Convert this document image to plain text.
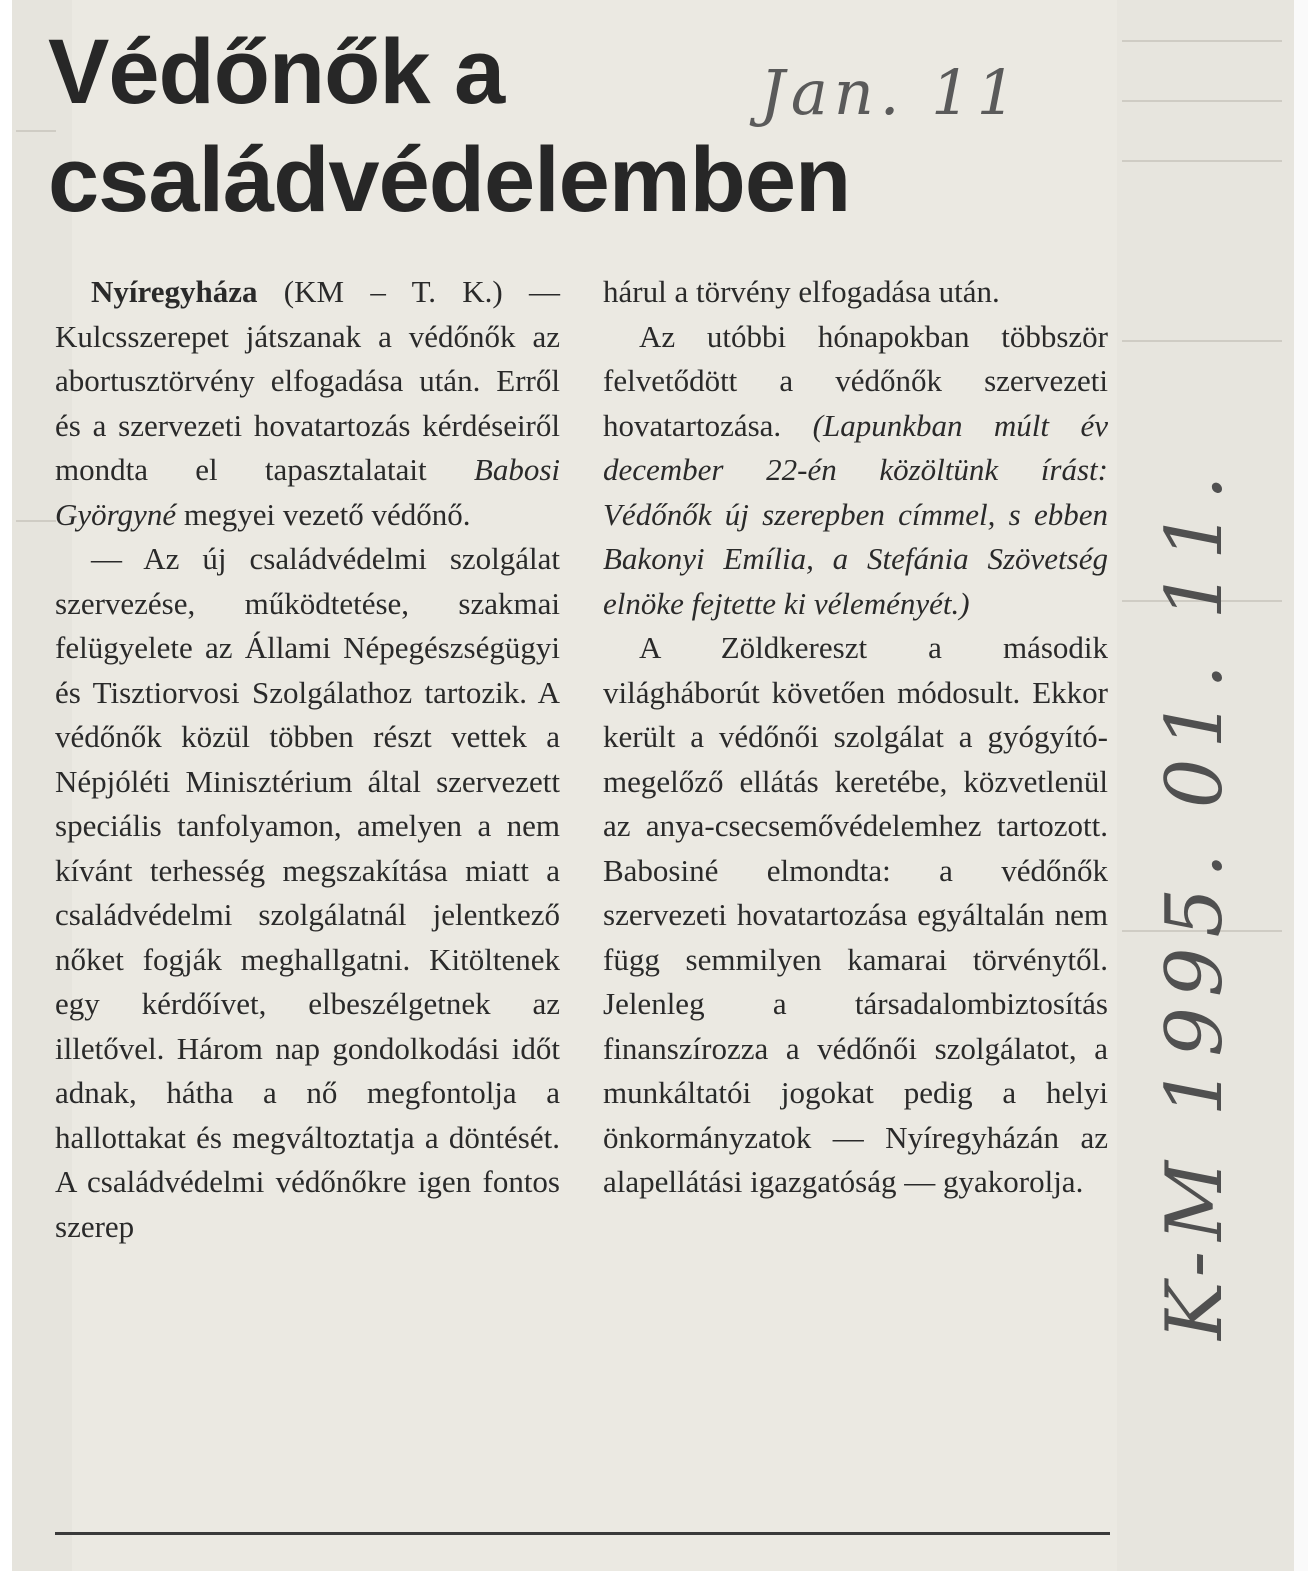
Védőnők a
családvédelemben
Jan. 11
K-M 1995. 01. 11.

Nyíregyháza (KM – T. K.) — Kulcsszerepet játszanak a védőnők az abortusztörvény elfogadása után. Erről és a szervezeti hovatartozás kérdéseiről mondta el tapasztalatait Babosi Györgyné megyei vezető védőnő.

— Az új családvédelmi szolgálat szervezése, működtetése, szakmai felügyelete az Állami Népegészségügyi és Tisztiorvosi Szolgálathoz tartozik. A védőnők közül többen részt vettek a Népjóléti Minisztérium által szervezett speciális tanfolyamon, amelyen a nem kívánt terhesség megszakítása miatt a családvédelmi szolgálatnál jelentkező nőket fogják meghallgatni. Kitöltenek egy kérdőívet, elbeszélgetnek az illetővel. Három nap gondolkodási időt adnak, hátha a nő megfontolja a hallottakat és megváltoztatja a döntését. A családvédelmi védőnőkre igen fontos szerep

hárul a törvény elfogadása után.

Az utóbbi hónapokban többször felvetődött a védőnők szervezeti hovatartozása. (Lapunkban múlt év december 22-én közöltünk írást: Védőnők új szerepben címmel, s ebben Bakonyi Emília, a Stefánia Szövetség elnöke fejtette ki véleményét.)

A Zöldkereszt a második világháborút követően módosult. Ekkor került a védőnői szolgálat a gyógyító-megelőző ellátás keretébe, közvetlenül az anya-csecsemővédelemhez tartozott. Babosiné elmondta: a védőnők szervezeti hovatartozása egyáltalán nem függ semmilyen kamarai törvénytől. Jelenleg a társadalombiztosítás finanszírozza a védőnői szolgálatot, a munkáltatói jogokat pedig a helyi önkormányzatok — Nyíregyházán az alapellátási igazgatóság — gyakorolja.
